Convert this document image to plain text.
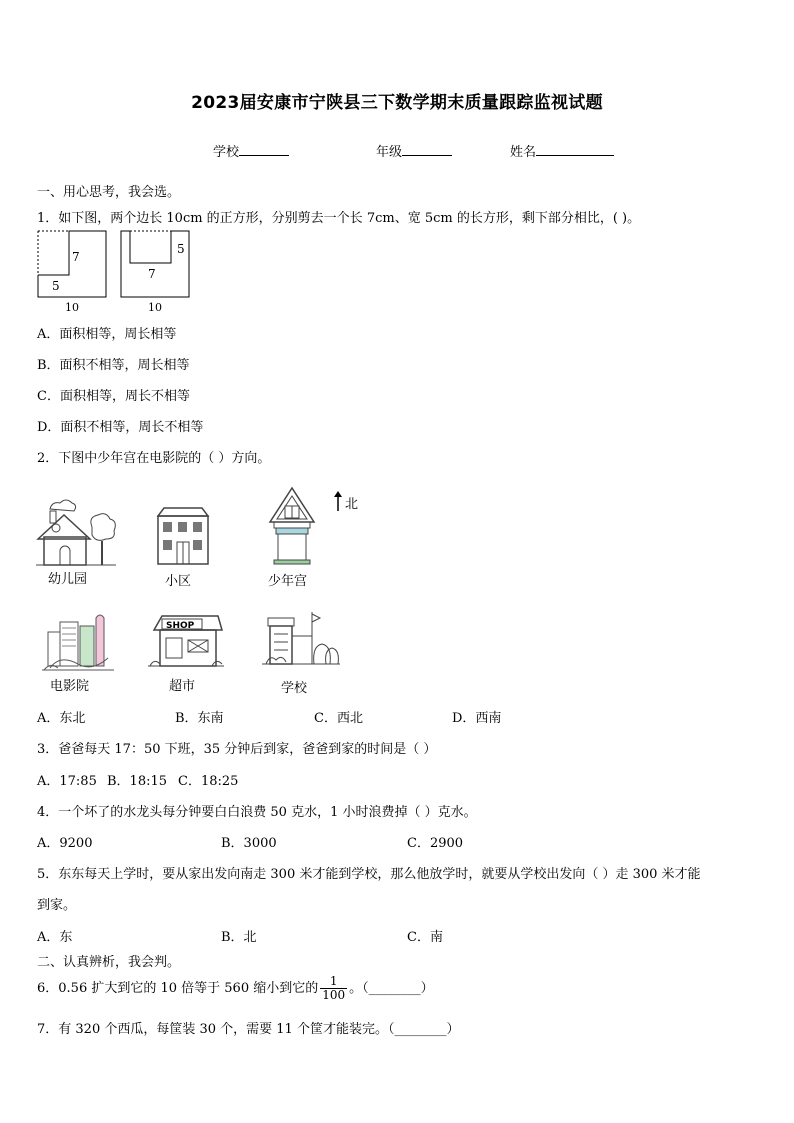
2023届安康市宁陕县三下数学期末质量跟踪监视试题
学校	年级	姓名
一、用心思考，我会选。
1．如下图，两个边长 10cm 的正方形，分别剪去一个长 7cm、宽 5cm 的长方形，剩下部分相比，( )。
7
5
10
5
7
10
A．面积相等，周长相等
B．面积不相等，周长相等
C．面积相等，周长不相等
D．面积不相等，周长不相等
2．下图中少年宫在电影院的（ ）方向。
北
幼儿园	小区	少年宫
电影院
SHOP
超市	学校
A．东北	B．东南	C．西北	D．西南
3．爸爸每天 17：50 下班，35 分钟后到家，爸爸到家的时间是（ ）
A．17:85 B．18:15 C．18:25
4．一个坏了的水龙头每分钟要白白浪费 50 克水，1 小时浪费掉（ ）克水。
A．9200	B．3000	C．2900
5．东东每天上学时，要从家出发向南走 300 米才能到学校，那么他放学时，就要从学校出发向（ ）走 300 米才能
到家。
A．东	B．北	C．南
二、认真辨析，我会判。
6．0.56 扩大到它的 10 倍等于 560 缩小到它的 $\frac{1}{100}$ 。（________）
7．有 320 个西瓜，每筐装 30 个，需要 11 个筐才能装完。（________）
